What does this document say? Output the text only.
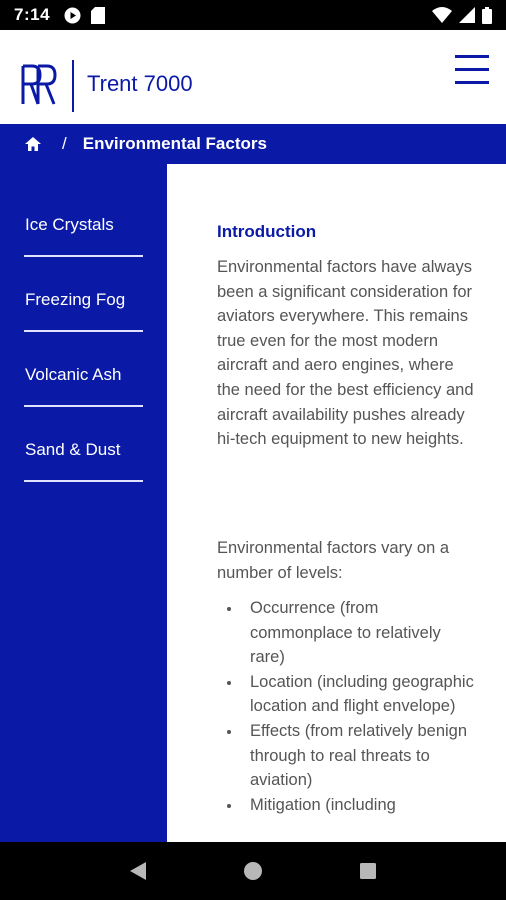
7:14
Trent 7000
/ Environmental Factors
Ice Crystals
Freezing Fog
Volcanic Ash
Sand & Dust
Introduction

Environmental factors have always been a significant consideration for aviators everywhere. This remains true even for the most modern aircraft and aero engines, where the need for the best efficiency and aircraft availability pushes already hi-tech equipment to new heights.

Environmental factors vary on a number of levels:

Occurrence (from commonplace to relatively rare)
Location (including geographic location and flight envelope)
Effects (from relatively benign through to real threats to aviation)
Mitigation (including
